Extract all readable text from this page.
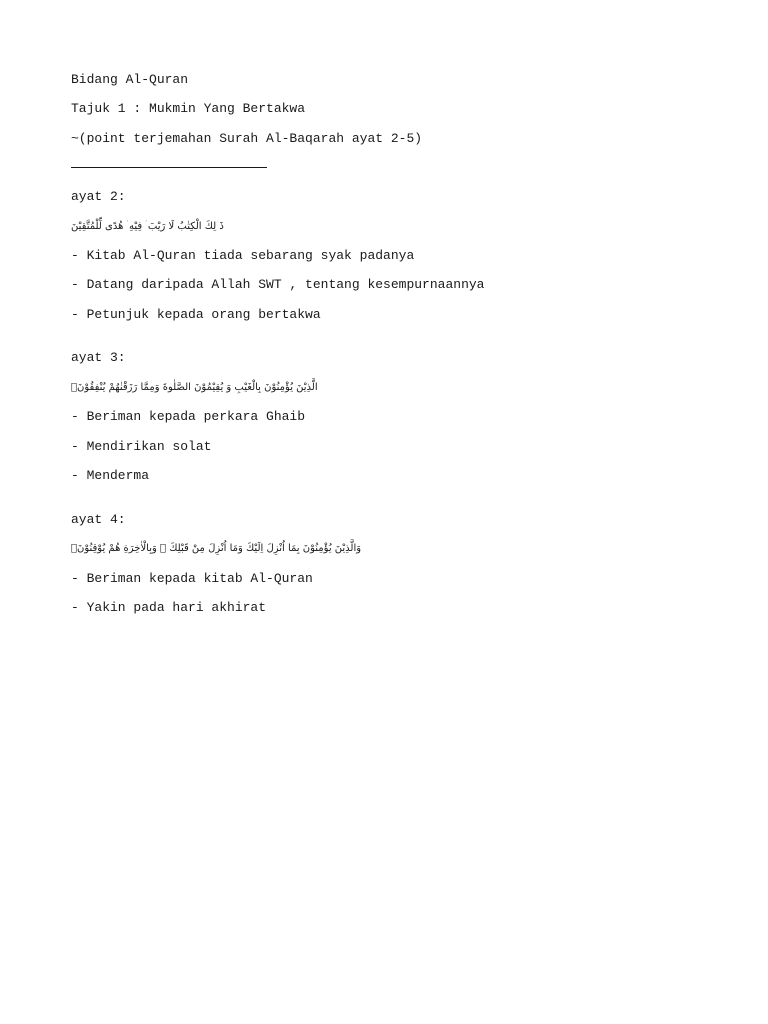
Bidang Al-Quran
Tajuk 1 : Mukmin Yang Bertakwa
~(point terjemahan Surah Al-Baqarah ayat 2-5)
ayat 2:
ذَ لِكَ الْكِتٰبُ لَا رَيْبَ ۛ فِيْهِ ۛ هُدًى لِّلْمُتَّقِيْنَ
- Kitab Al-Quran tiada sebarang syak padanya
- Datang daripada Allah SWT , tentang kesempurnaannya
- Petunjuk kepada orang bertakwa
ayat 3:
الَّذِيْنَ يُؤْمِنُوْنَ بِالْغَيْبِ وَ يُقِيْمُوْنَ الصَّلٰوةَ وَمِمَّا رَزَقْنٰهُمْ يُنْفِقُوْنَۙ
- Beriman kepada perkara Ghaib
- Mendirikan solat
- Menderma
ayat 4:
وَالَّذِيْنَ يُؤْمِنُوْنَ بِمَا اُنْزِلَ اِلَيْكَ وَمَا اُنْزِلَ مِنْ قَبْلِكَ ۚ وَبِالْاٰخِرَةِ هُمْ يُوْقِنُوْنَۗ
- Beriman kepada kitab Al-Quran
- Yakin pada hari akhirat
